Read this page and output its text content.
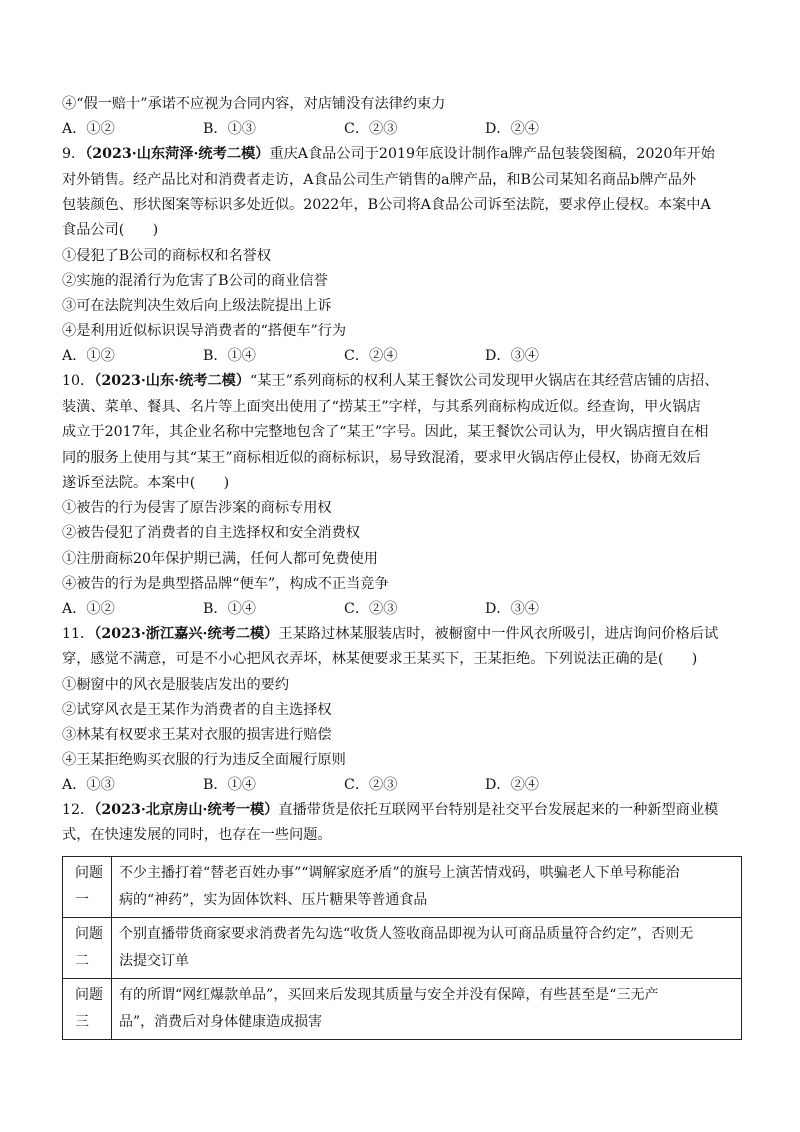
④“假一赔十”承诺不应视为合同内容，对店铺没有法律约束力
A．①②	B．①③	C．②③	D．②④
9．（2023·山东菏泽·统考二模）重庆A食品公司于2019年底设计制作a牌产品包装袋图稿，2020年开始
对外销售。经产品比对和消费者走访，A食品公司生产销售的a牌产品，和B公司某知名商品b牌产品外
包装颜色、形状图案等标识多处近似。2022年，B公司将A食品公司诉至法院，要求停止侵权。本案中A
食品公司(　　)
①侵犯了B公司的商标权和名誉权
②实施的混淆行为危害了B公司的商业信誉
③可在法院判决生效后向上级法院提出上诉
④是利用近似标识误导消费者的“搭便车”行为
A．①②	B．①④	C．②④	D．③④
10．（2023·山东·统考二模）“某王”系列商标的权利人某王餐饮公司发现甲火锅店在其经营店铺的店招、
装潢、菜单、餐具、名片等上面突出使用了“捞某王”字样，与其系列商标构成近似。经查询，甲火锅店
成立于2017年，其企业名称中完整地包含了“某王”字号。因此，某王餐饮公司认为，甲火锅店擅自在相
同的服务上使用与其“某王”商标相近似的商标标识，易导致混淆，要求甲火锅店停止侵权，协商无效后
遂诉至法院。本案中(　　)
①被告的行为侵害了原告涉案的商标专用权
②被告侵犯了消费者的自主选择权和安全消费权
①注册商标20年保护期已满，任何人都可免费使用
④被告的行为是典型搭品牌“便车”，构成不正当竞争
A．①②	B．①④	C．②③	D．③④
11．（2023·浙江嘉兴·统考二模）王某路过林某服装店时，被橱窗中一件风衣所吸引，进店询问价格后试
穿，感觉不满意，可是不小心把风衣弄坏，林某便要求王某买下，王某拒绝。下列说法正确的是(　　)
①橱窗中的风衣是服装店发出的要约
②试穿风衣是王某作为消费者的自主选择权
③林某有权要求王某对衣服的损害进行赔偿
④王某拒绝购买衣服的行为违反全面履行原则
A．①③	B．①④	C．②③	D．②④
12．（2023·北京房山·统考一模）直播带货是依托互联网平台特别是社交平台发展起来的一种新型商业模
式，在快速发展的同时，也存在一些问题。
问题
一	不少主播打着“替老百姓办事”“调解家庭矛盾”的旗号上演苦情戏码，哄骗老人下单号称能治
病的“神药”，实为固体饮料、压片糖果等普通食品
问题
二	个别直播带货商家要求消费者先勾选“收货人签收商品即视为认可商品质量符合约定”，否则无
法提交订单
问题
三	有的所谓“网红爆款单品”，买回来后发现其质量与安全并没有保障，有些甚至是“三无产
品”，消费后对身体健康造成损害
